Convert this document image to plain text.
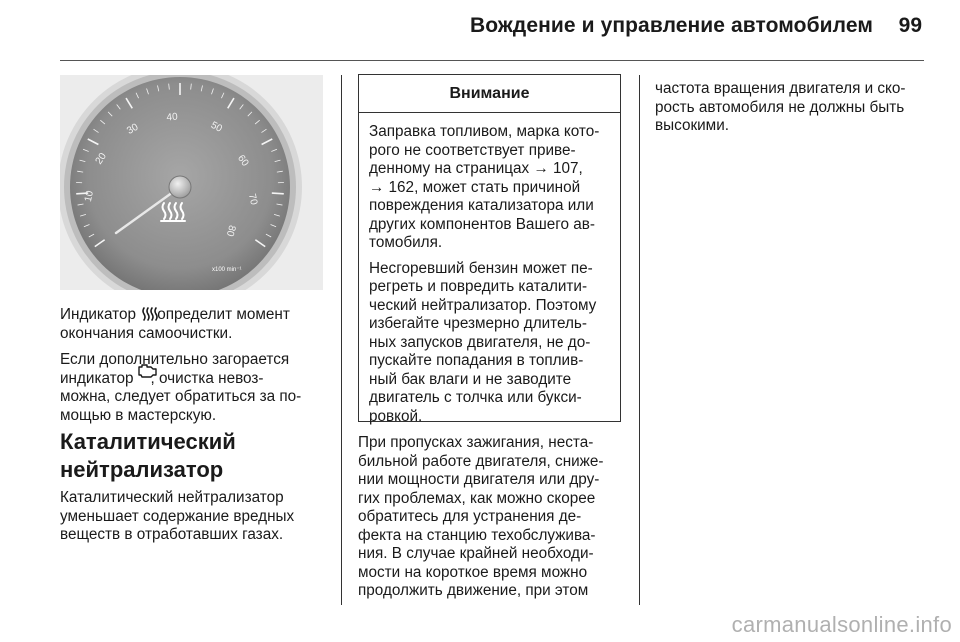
Вождение и управление автомобилем	99
10
20
30
40
50
60
70
80
x100 min⁻¹

Индикатор     определит момент
окончания самоочистки.

Если дополнительно загорается
индикатор    , очистка невоз-
можна, следует обратиться за по-
мощью в мастерскую.

Каталитический
нейтрализатор

Каталитический нейтрализатор
уменьшает содержание вредных
веществ в отработавших газах.

Внимание

Заправка топливом, марка кото-
рого не соответствует приве-
денному на страницах → 107,
→ 162, может стать причиной
повреждения катализатора или
других компонентов Вашего ав-
томобиля.

Несгоревший бензин может пе-
регреть и повредить каталити-
ческий нейтрализатор. Поэтому
избегайте чрезмерно длитель-
ных запусков двигателя, не до-
пускайте попадания в топлив-
ный бак влаги и не заводите
двигатель с толчка или букси-
ровкой.

При пропусках зажигания, неста-
бильной работе двигателя, сниже-
нии мощности двигателя или дру-
гих проблемах, как можно скорее
обратитесь для устранения де-
фекта на станцию техобслужива-
ния. В случае крайней необходи-
мости на короткое время можно
продолжить движение, при этом

частота вращения двигателя и ско-
рость автомобиля не должны быть
высокими.

carmanualsonline.info
